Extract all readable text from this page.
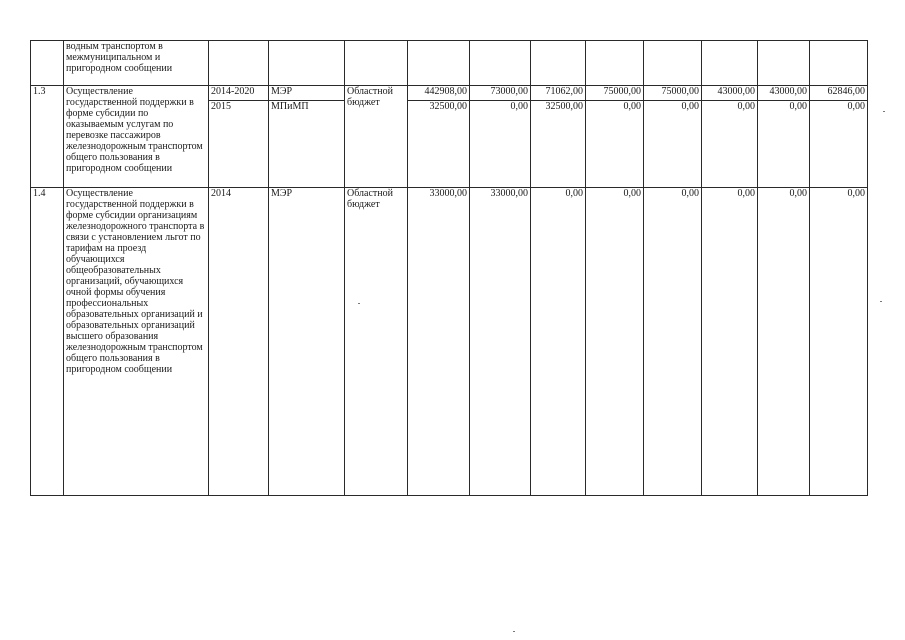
	водным транспортом в межмуниципальном и пригородном сообщении											
1.3	Осуществление государственной поддержки в форме субсидии по оказываемым услугам по перевозке пассажиров железнодорожным транспортом общего пользования в пригородном сообщении	2014-2020	МЭР	Областной бюджет	442908,00	73000,00	71062,00	75000,00	75000,00	43000,00	43000,00	62846,00
		2015	МПиМП		32500,00	0,00	32500,00	0,00	0,00	0,00	0,00	0,00
1.4	Осуществление государственной поддержки в форме субсидии организациям железнодорожного транспорта в связи с установлением льгот по тарифам на проезд обучающихся общеобразовательных организаций, обучающихся очной формы обучения профессиональных образовательных организаций и образовательных организаций высшего образования железнодорожным транспортом общего пользования в пригородном сообщении	2014	МЭР	Областной бюджет	33000,00	33000,00	0,00	0,00	0,00	0,00	0,00	0,00
